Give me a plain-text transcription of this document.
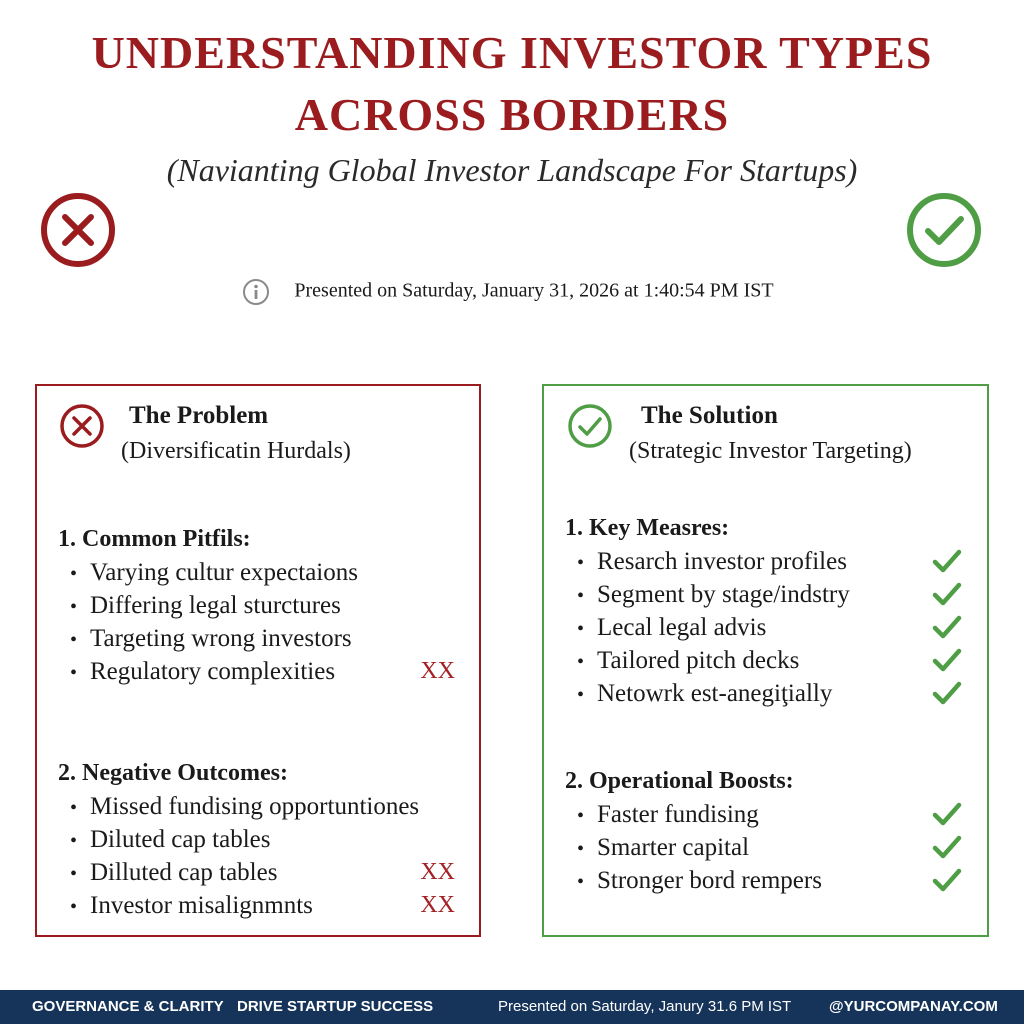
UNDERSTANDING INVESTOR TYPES
ACROSS BORDERS
(Navianting Global Investor Landscape For Startups)
Presented on Saturday, January 31, 2026 at 1:40:54 PM IST
The Problem
(Diversificatin Hurdals)
1. Common Pitfils:
• Varying cultur expectaions
• Differing legal sturctures
• Targeting wrong investors
• Regulatory complexities	XX
2. Negative Outcomes:
• Missed fundising opportuntiones
• Diluted cap tables
• Dilluted cap tables	XX
• Investor misalignmnts	XX
The Solution
(Strategic Investor Targeting)
1. Key Measres:
• Resarch investor profiles
• Segment by stage/indstry
• Lecal legal advis
• Tailored pitch decks
• Netowrk est-anegiţially
2. Operational Boosts:
• Faster fundising
• Smarter capital
• Stronger bord rempers
GOVERNANCE & CLARITY DRIVE STARTUP SUCCESS	Presented on Saturday, Janury 31.6 PM IST	@YURCOMPANAY.COM
